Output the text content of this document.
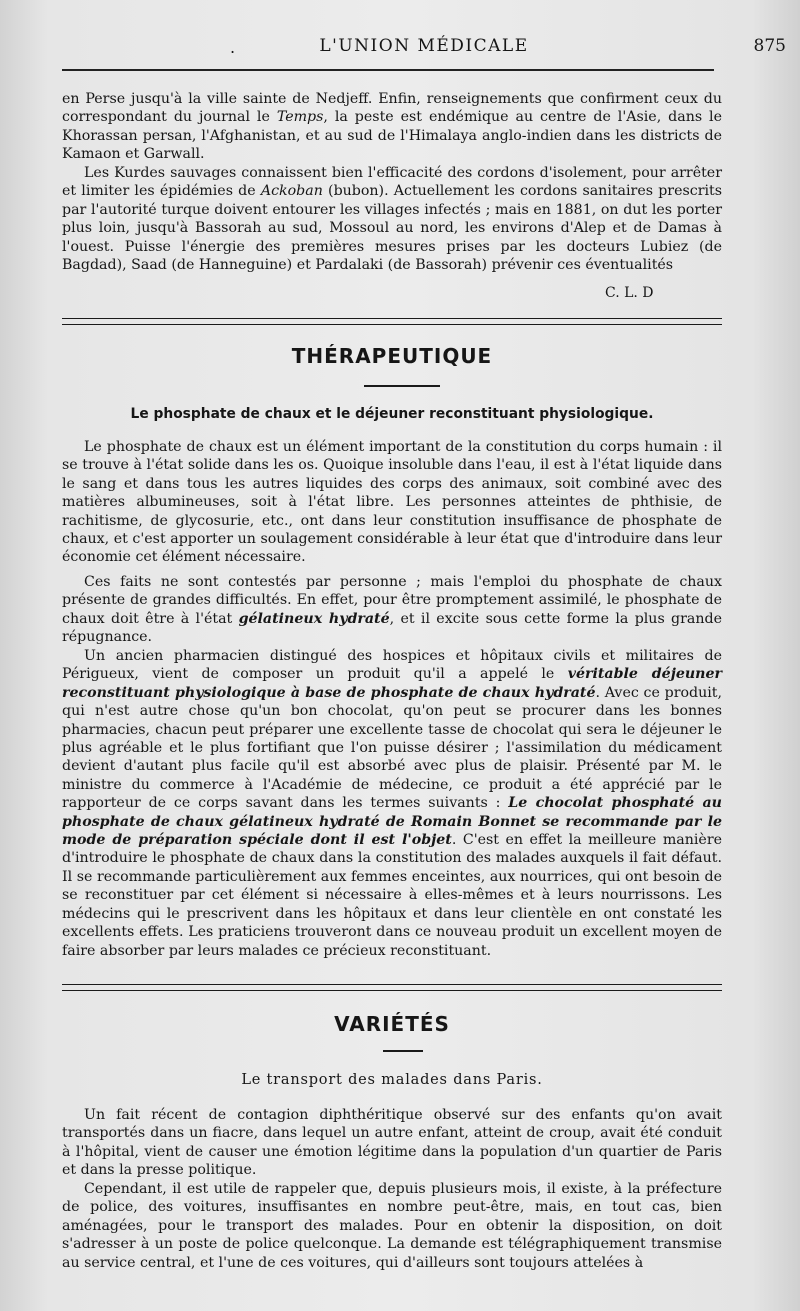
.	L'UNION MÉDICALE	875
en Perse jusqu'à la ville sainte de Nedjeff. Enfin, renseignements que confirment ceux du correspondant du journal le Temps, la peste est endémique au centre de l'Asie, dans le Khorassan persan, l'Afghanistan, et au sud de l'Himalaya anglo-indien dans les districts de Kamaon et Garwall.
Les Kurdes sauvages connaissent bien l'efficacité des cordons d'isolement, pour arrêter et limiter les épidémies de Ackoban (bubon). Actuellement les cordons sanitaires prescrits par l'autorité turque doivent entourer les villages infectés ; mais en 1881, on dut les porter plus loin, jusqu'à Bassorah au sud, Mossoul au nord, les environs d'Alep et de Damas à l'ouest. Puisse l'énergie des premières mesures prises par les docteurs Lubiez (de Bagdad), Saad (de Hanneguine) et Pardalaki (de Bassorah) prévenir ces éventualités
C. L. D
THÉRAPEUTIQUE
Le phosphate de chaux et le déjeuner reconstituant physiologique.
Le phosphate de chaux est un élément important de la constitution du corps humain : il se trouve à l'état solide dans les os. Quoique insoluble dans l'eau, il est à l'état liquide dans le sang et dans tous les autres liquides des corps des animaux, soit combiné avec des matières albumineuses, soit à l'état libre. Les personnes atteintes de phthisie, de rachitisme, de glycosurie, etc., ont dans leur constitution insuffisance de phosphate de chaux, et c'est apporter un soulagement considérable à leur état que d'introduire dans leur économie cet élément nécessaire.
Ces faits ne sont contestés par personne ; mais l'emploi du phosphate de chaux présente de grandes difficultés. En effet, pour être promptement assimilé, le phosphate de chaux doit être à l'état gélatineux hydraté, et il excite sous cette forme la plus grande répugnance.
Un ancien pharmacien distingué des hospices et hôpitaux civils et militaires de Périgueux, vient de composer un produit qu'il a appelé le véritable déjeuner reconstituant physiologique à base de phosphate de chaux hydraté. Avec ce produit, qui n'est autre chose qu'un bon chocolat, qu'on peut se procurer dans les bonnes pharmacies, chacun peut préparer une excellente tasse de chocolat qui sera le déjeuner le plus agréable et le plus fortifiant que l'on puisse désirer ; l'assimilation du médicament devient d'autant plus facile qu'il est absorbé avec plus de plaisir. Présenté par M. le ministre du commerce à l'Académie de médecine, ce produit a été apprécié par le rapporteur de ce corps savant dans les termes suivants : Le chocolat phosphaté au phosphate de chaux gélatineux hydraté de Romain Bonnet se recommande par le mode de préparation spéciale dont il est l'objet. C'est en effet la meilleure manière d'introduire le phosphate de chaux dans la constitution des malades auxquels il fait défaut. Il se recommande particulièrement aux femmes enceintes, aux nourrices, qui ont besoin de se reconstituer par cet élément si nécessaire à elles-mêmes et à leurs nourrissons. Les médecins qui le prescrivent dans les hôpitaux et dans leur clientèle en ont constaté les excellents effets. Les praticiens trouveront dans ce nouveau produit un excellent moyen de faire absorber par leurs malades ce précieux reconstituant.
VARIÉTÉS
Le transport des malades dans Paris.
Un fait récent de contagion diphthéritique observé sur des enfants qu'on avait transportés dans un fiacre, dans lequel un autre enfant, atteint de croup, avait été conduit à l'hôpital, vient de causer une émotion légitime dans la population d'un quartier de Paris et dans la presse politique.
Cependant, il est utile de rappeler que, depuis plusieurs mois, il existe, à la préfecture de police, des voitures, insuffisantes en nombre peut-être, mais, en tout cas, bien aménagées, pour le transport des malades. Pour en obtenir la disposition, on doit s'adresser à un poste de police quelconque. La demande est télégraphiquement transmise au service central, et l'une de ces voitures, qui d'ailleurs sont toujours attelées à
